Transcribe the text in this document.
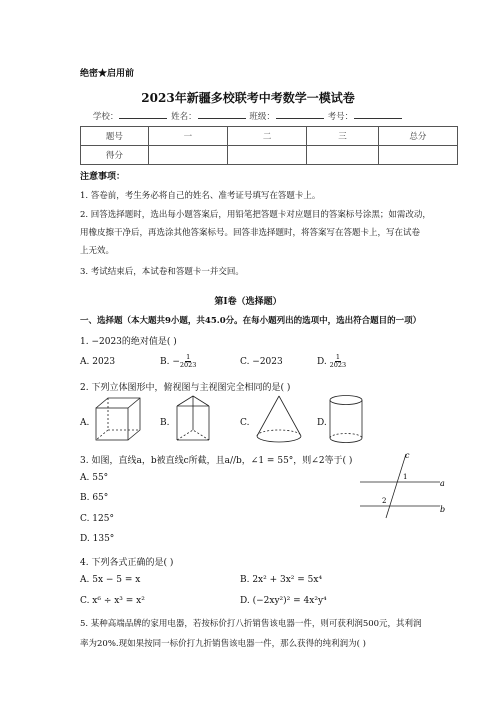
绝密★启用前
2023年新疆多校联考中考数学一模试卷
学校：	姓名：	班级：	考号：
题号	一	二	三	总分
得分				
注意事项：
1. 答卷前，考生务必将自己的姓名、准考证号填写在答题卡上。
2. 回答选择题时，选出每小题答案后，用铅笔把答题卡对应题目的答案标号涂黑；如需改动，
用橡皮擦干净后，再选涂其他答案标号。回答非选择题时，将答案写在答题卡上，写在试卷
上无效。
3. 考试结束后，本试卷和答题卡一并交回。
第I卷（选择题）
一、选择题（本大题共9小题，共45.0分。在每小题列出的选项中，选出符合题目的一项）
1. −2023的绝对值是( )
A. 2023	B. − $\frac{1}{2023}$	C. −2023	D. $\frac{1}{2023}$
2. 下列立体图形中，俯视图与主视图完全相同的是( )
A.	B.	C.	D.
3. 如图，直线a，b被直线c所截，且a//b，∠1 = 55°，则∠2等于( )
A. 55°
B. 65°
C. 125°
D. 135°
c
a
b
1
2
4. 下列各式正确的是( )
A. 5x − 5 = x	B. 2x² + 3x² = 5x⁴
C. x⁶ ÷ x³ = x²	D. (−2xy²)² = 4x²y⁴
5. 某种高端品牌的家用电器，若按标价打八折销售该电器一件，则可获利润500元，其利润
率为20%.现如果按同一标价打九折销售该电器一件，那么获得的纯利润为( )
